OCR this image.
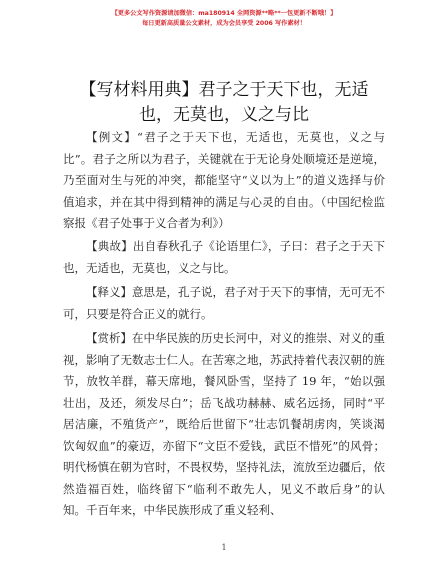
【更多公文写作资源请加微信：ma180914 全网资源**略**一包更新不断哦！】
每日更新高质量公文素材，成为会员享受 2006 写作素材！
【写材料用典】君子之于天下也，无适也，无莫也，义之与比

【例文】“君子之于天下也，无适也，无莫也，义之与比”。君子之所以为君子，关键就在于无论身处顺境还是逆境，乃至面对生与死的冲突，都能坚守“义以为上”的道义选择与价值追求，并在其中得到精神的满足与心灵的自由。（中国纪检监察报《君子处事于义合者为利》）

【典故】出自春秋孔子《论语里仁》，子曰：君子之于天下也，无适也，无莫也，义之与比。

【释义】意思是，孔子说，君子对于天下的事情，无可无不可，只要是符合正义的就行。

【赏析】在中华民族的历史长河中，对义的推崇、对义的重视，影响了无数志士仁人。在苦寒之地，苏武持着代表汉朝的旌节，放牧羊群，幕天席地，餐风卧雪，坚持了 19 年，“始以强壮出，及还，须发尽白”；岳飞战功赫赫、威名远扬，同时“平居洁廉，不殖货产”，既给后世留下“壮志饥餐胡虏肉，笑谈渴饮匈奴血”的豪迈，亦留下“文臣不爱钱，武臣不惜死”的风骨；明代杨慎在朝为官时，不畏权势，坚持礼法，流放至边疆后，依然造福百姓，临终留下“临利不敢先人，见义不敢后身”的认知。千百年来，中华民族形成了重义轻利、

1
